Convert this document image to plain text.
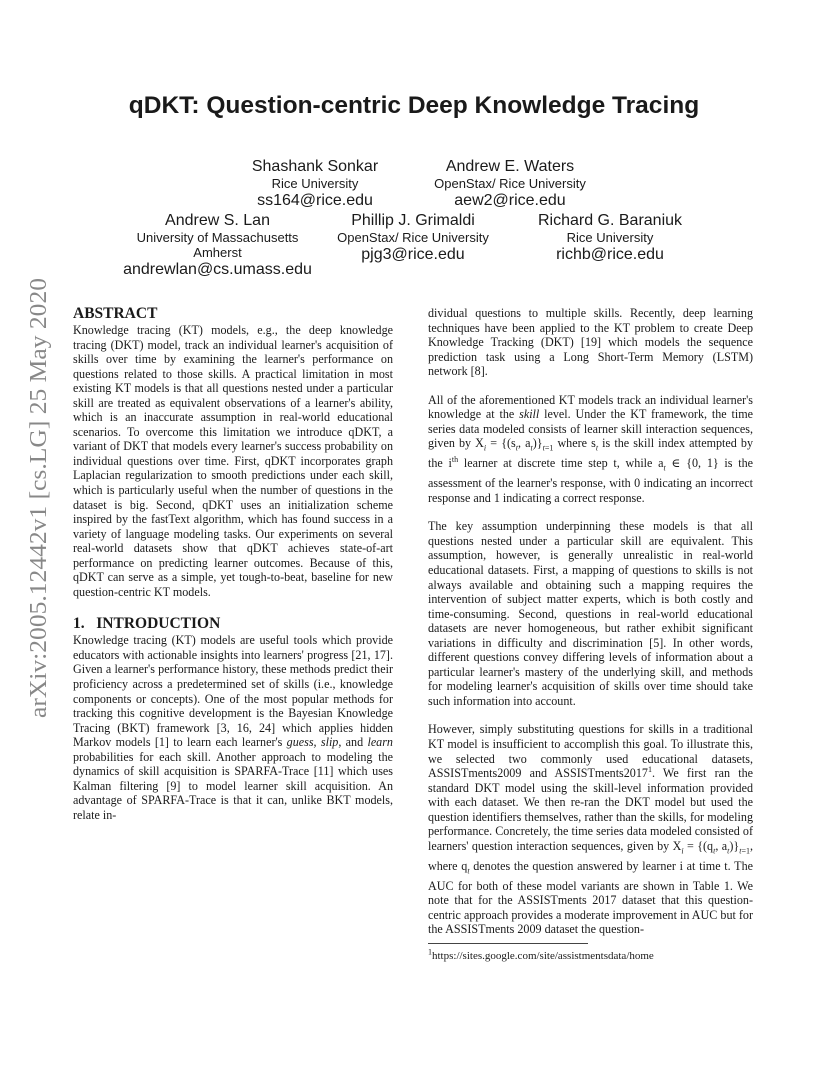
arXiv:2005.12442v1 [cs.LG] 25 May 2020
qDKT: Question-centric Deep Knowledge Tracing
Shashank Sonkar
Rice University
ss164@rice.edu
Andrew E. Waters
OpenStax/ Rice University
aew2@rice.edu
Andrew S. Lan
University of Massachusetts
Amherst
andrewlan@cs.umass.edu
Phillip J. Grimaldi
OpenStax/ Rice University
pjg3@rice.edu
Richard G. Baraniuk
Rice University
richb@rice.edu
ABSTRACT

Knowledge tracing (KT) models, e.g., the deep knowledge tracing (DKT) model, track an individual learner's acquisition of skills over time by examining the learner's performance on questions related to those skills. A practical limitation in most existing KT models is that all questions nested under a particular skill are treated as equivalent observations of a learner's ability, which is an inaccurate assumption in real-world educational scenarios. To overcome this limitation we introduce qDKT, a variant of DKT that models every learner's success probability on individual questions over time. First, qDKT incorporates graph Laplacian regularization to smooth predictions under each skill, which is particularly useful when the number of questions in the dataset is big. Second, qDKT uses an initialization scheme inspired by the fastText algorithm, which has found success in a variety of language modeling tasks. Our experiments on several real-world datasets show that qDKT achieves state-of-art performance on predicting learner outcomes. Because of this, qDKT can serve as a simple, yet tough-to-beat, baseline for new question-centric KT models.

1.   INTRODUCTION

Knowledge tracing (KT) models are useful tools which provide educators with actionable insights into learners' progress [21, 17]. Given a learner's performance history, these methods predict their proficiency across a predetermined set of skills (i.e., knowledge components or concepts). One of the most popular methods for tracking this cognitive development is the Bayesian Knowledge Tracing (BKT) framework [3, 16, 24] which applies hidden Markov models [1] to learn each learner's guess, slip, and learn probabilities for each skill. Another approach to modeling the dynamics of skill acquisition is SPARFA-Trace [11] which uses Kalman filtering [9] to model learner skill acquisition. An advantage of SPARFA-Trace is that it can, unlike BKT models, relate in-

dividual questions to multiple skills. Recently, deep learning techniques have been applied to the KT problem to create Deep Knowledge Tracking (DKT) [19] which models the sequence prediction task using a Long Short-Term Memory (LSTM) network [8].

All of the aforementioned KT models track an individual learner's knowledge at the skill level. Under the KT framework, the time series data modeled consists of learner skill interaction sequences, given by $X_i = \{(s_t$, $a_t)\}_{t=1}$ where $s_t$ is the skill index attempted by the $i^{th}$ learner at discrete time step t, while $a_t$ ∈ {0, 1} is the assessment of the learner's response, with 0 indicating an incorrect response and 1 indicating a correct response.

The key assumption underpinning these models is that all questions nested under a particular skill are equivalent. This assumption, however, is generally unrealistic in real-world educational datasets. First, a mapping of questions to skills is not always available and obtaining such a mapping requires the intervention of subject matter experts, which is both costly and time-consuming. Second, questions in real-world educational datasets are never homogeneous, but rather exhibit significant variations in difficulty and discrimination [5]. In other words, different questions convey differing levels of information about a particular learner's mastery of the underlying skill, and methods for modeling learner's acquisition of skills over time should take such information into account.

However, simply substituting questions for skills in a traditional KT model is insufficient to accomplish this goal. To illustrate this, we selected two commonly used educational datasets, ASSISTments2009 and ASSISTments2017$^1$. We first ran the standard DKT model using the skill-level information provided with each dataset. We then re-ran the DKT model but used the question identifiers themselves, rather than the skills, for modeling performance. Concretely, the time series data modeled consisted of learners' question interaction sequences, given by $X_i = \{(q_t$, $a_t)\}_{t=1}$, where $q_t$ denotes the question answered by learner i at time t. The AUC for both of these model variants are shown in Table 1. We note that for the ASSISTments 2017 dataset that this question-centric approach provides a moderate improvement in AUC but for the ASSISTments 2009 dataset the question-

$^1$https://sites.google.com/site/assistmentsdata/home
